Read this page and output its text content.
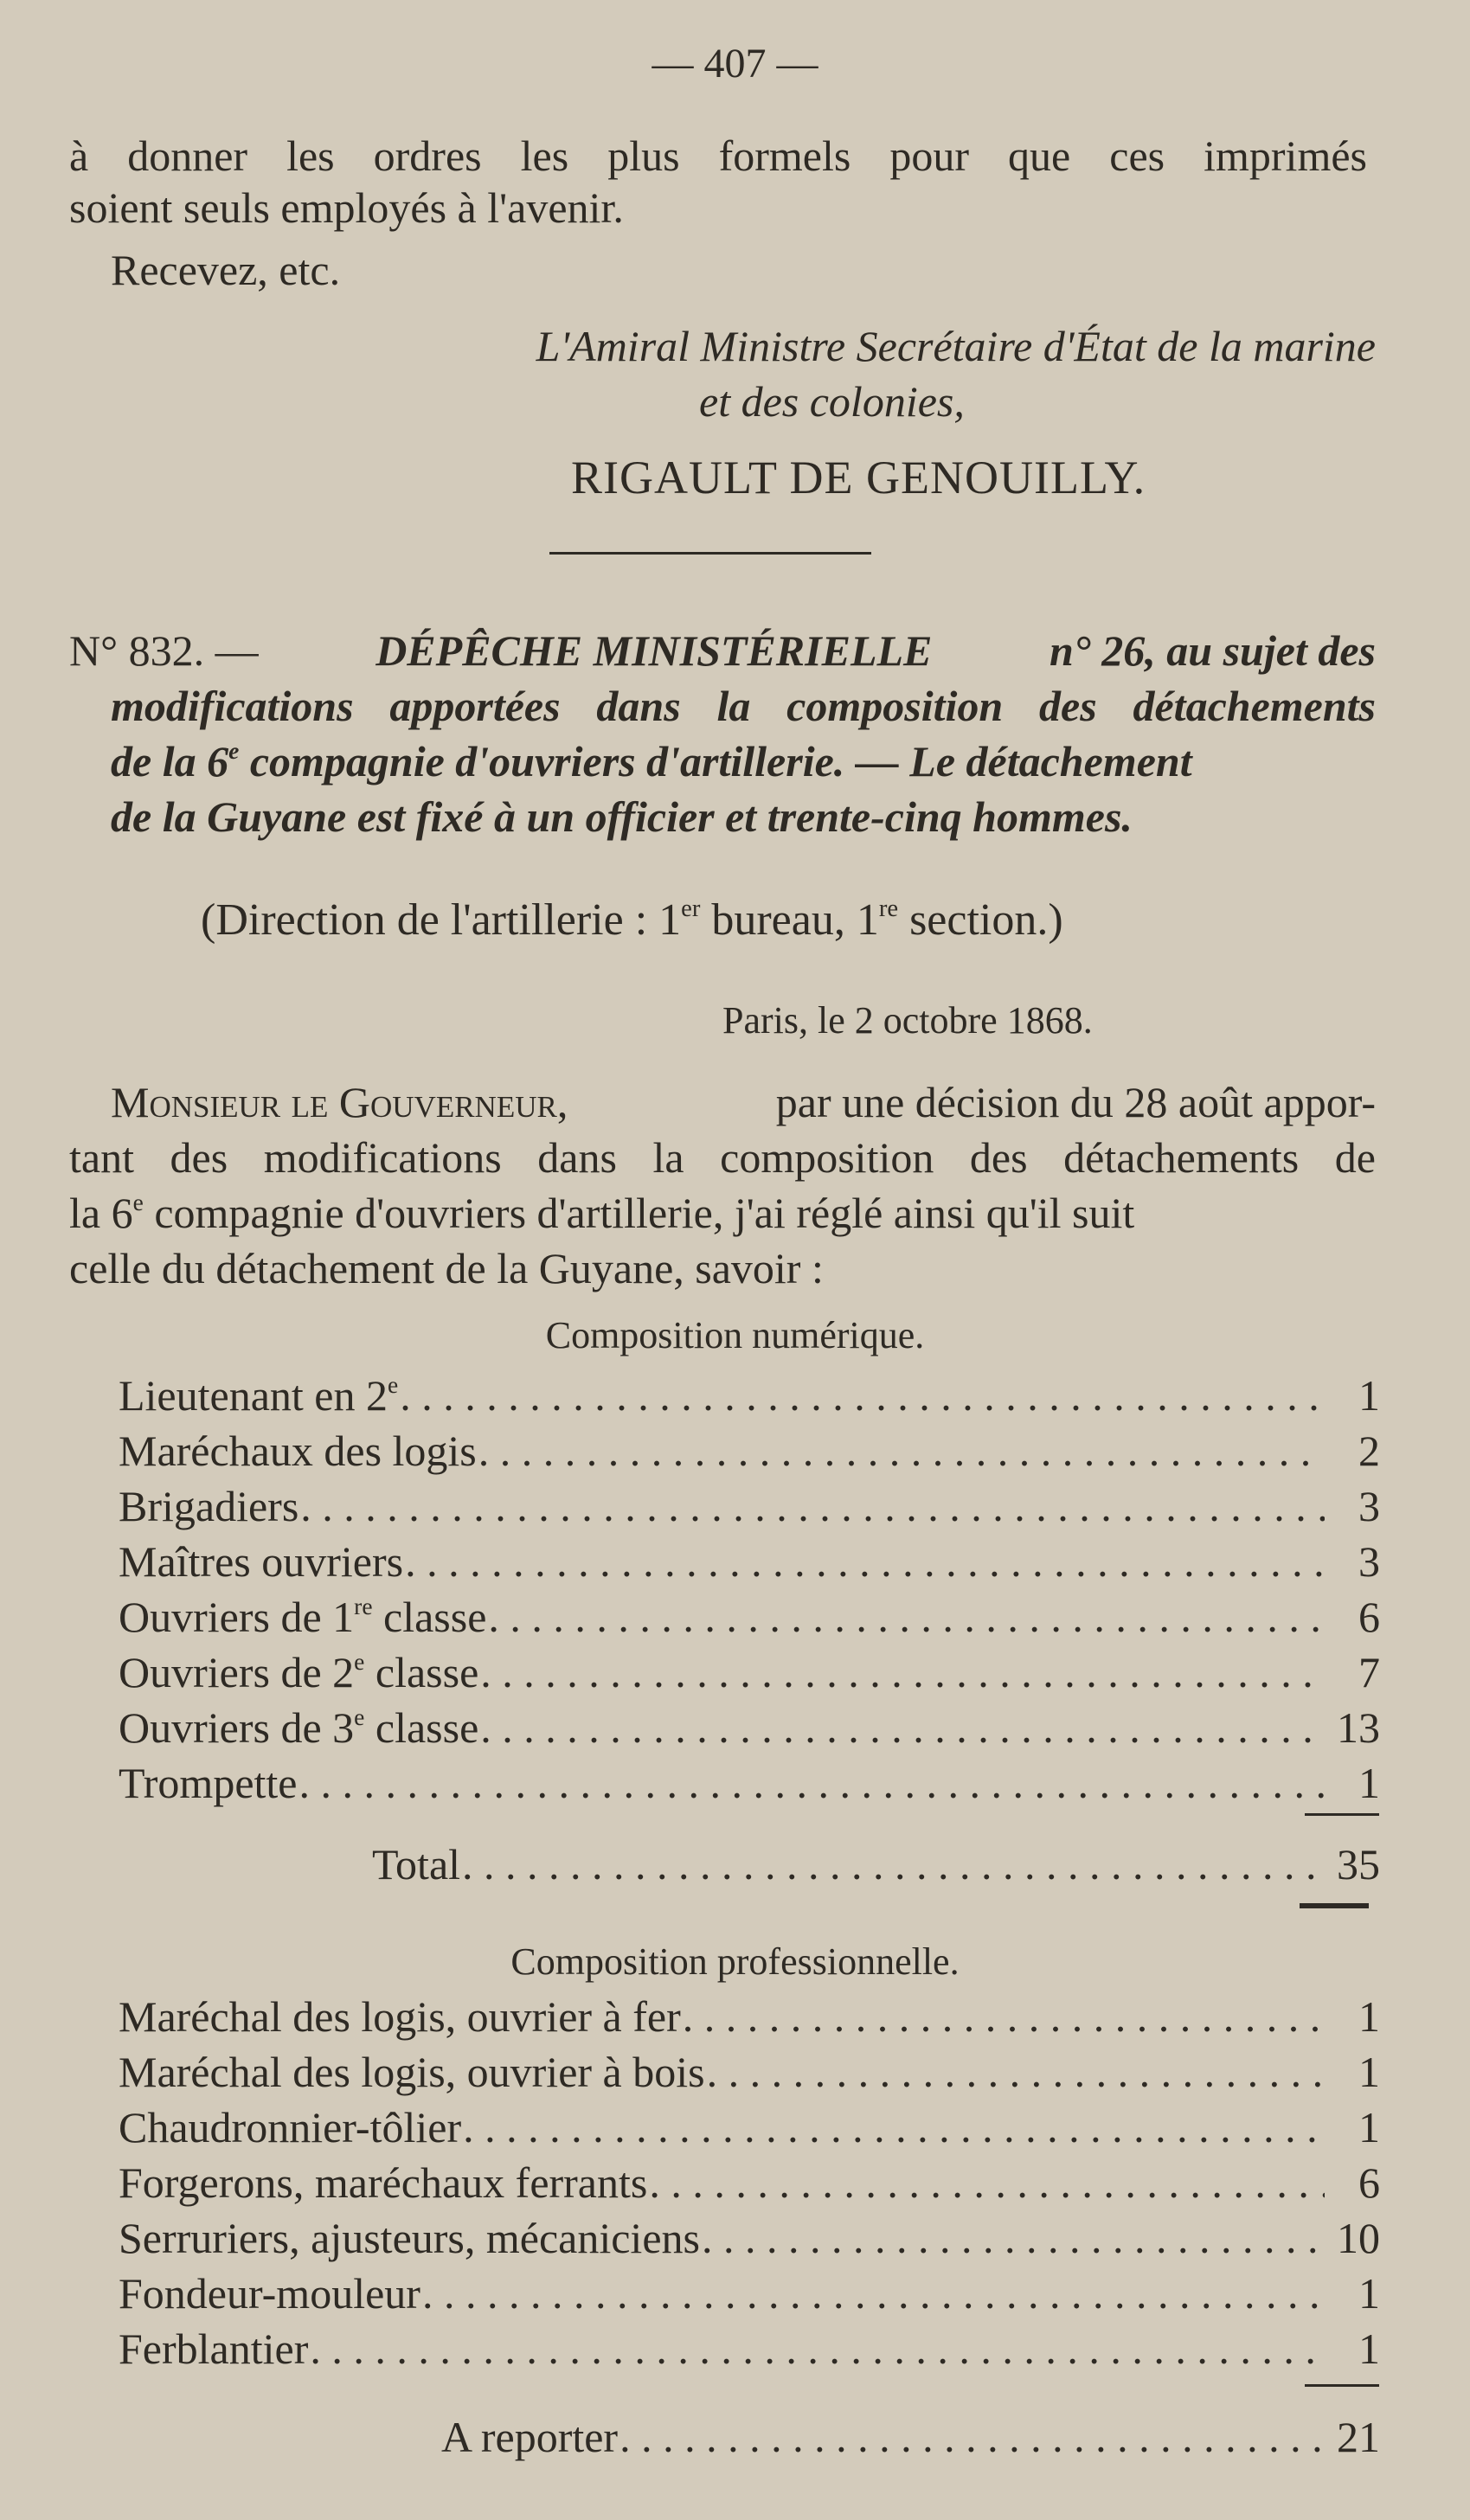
— 407 —
à donner les ordres les plus formels pour que ces imprimés
soient seuls employés à l'avenir.
Recevez, etc.
L'Amiral Ministre Secrétaire d'État de la marine
et des colonies,
RIGAULT DE GENOUILLY.
N° 832. —	DÉPÊCHE MINISTÉRIELLE	n° 26, au sujet des
modifications apportées dans la composition des détachements
de la 6e compagnie d'ouvriers d'artillerie. — Le détachement
de la Guyane est fixé à un officier et trente-cinq hommes.
(Direction de l'artillerie : 1er bureau, 1re section.)
Paris, le 2 octobre 1868.
Monsieur le Gouverneur,	par une décision du 28 août appor-
tant des modifications dans la composition des détachements de
la 6e compagnie d'ouvriers d'artillerie, j'ai réglé ainsi qu'il suit
celle du détachement de la Guyane, savoir :
Composition numérique.
Lieutenant en 2e . . .	1
Maréchaux des logis . . .	2
Brigadiers . . .	3
Maîtres ouvriers . . .	3
Ouvriers de 1re classe . . .	6
Ouvriers de 2e classe . . .	7
Ouvriers de 3e classe . . .	13
Trompette . . .	1
Total . . .	35
Composition professionnelle.
Maréchal des logis, ouvrier à fer . . .	1
Maréchal des logis, ouvrier à bois . . .	1
Chaudronnier-tôlier . . .	1
Forgerons, maréchaux ferrants . . .	6
Serruriers, ajusteurs, mécaniciens . . .	10
Fondeur-mouleur . . .	1
Ferblantier . . .	1
A reporter . . .	21
